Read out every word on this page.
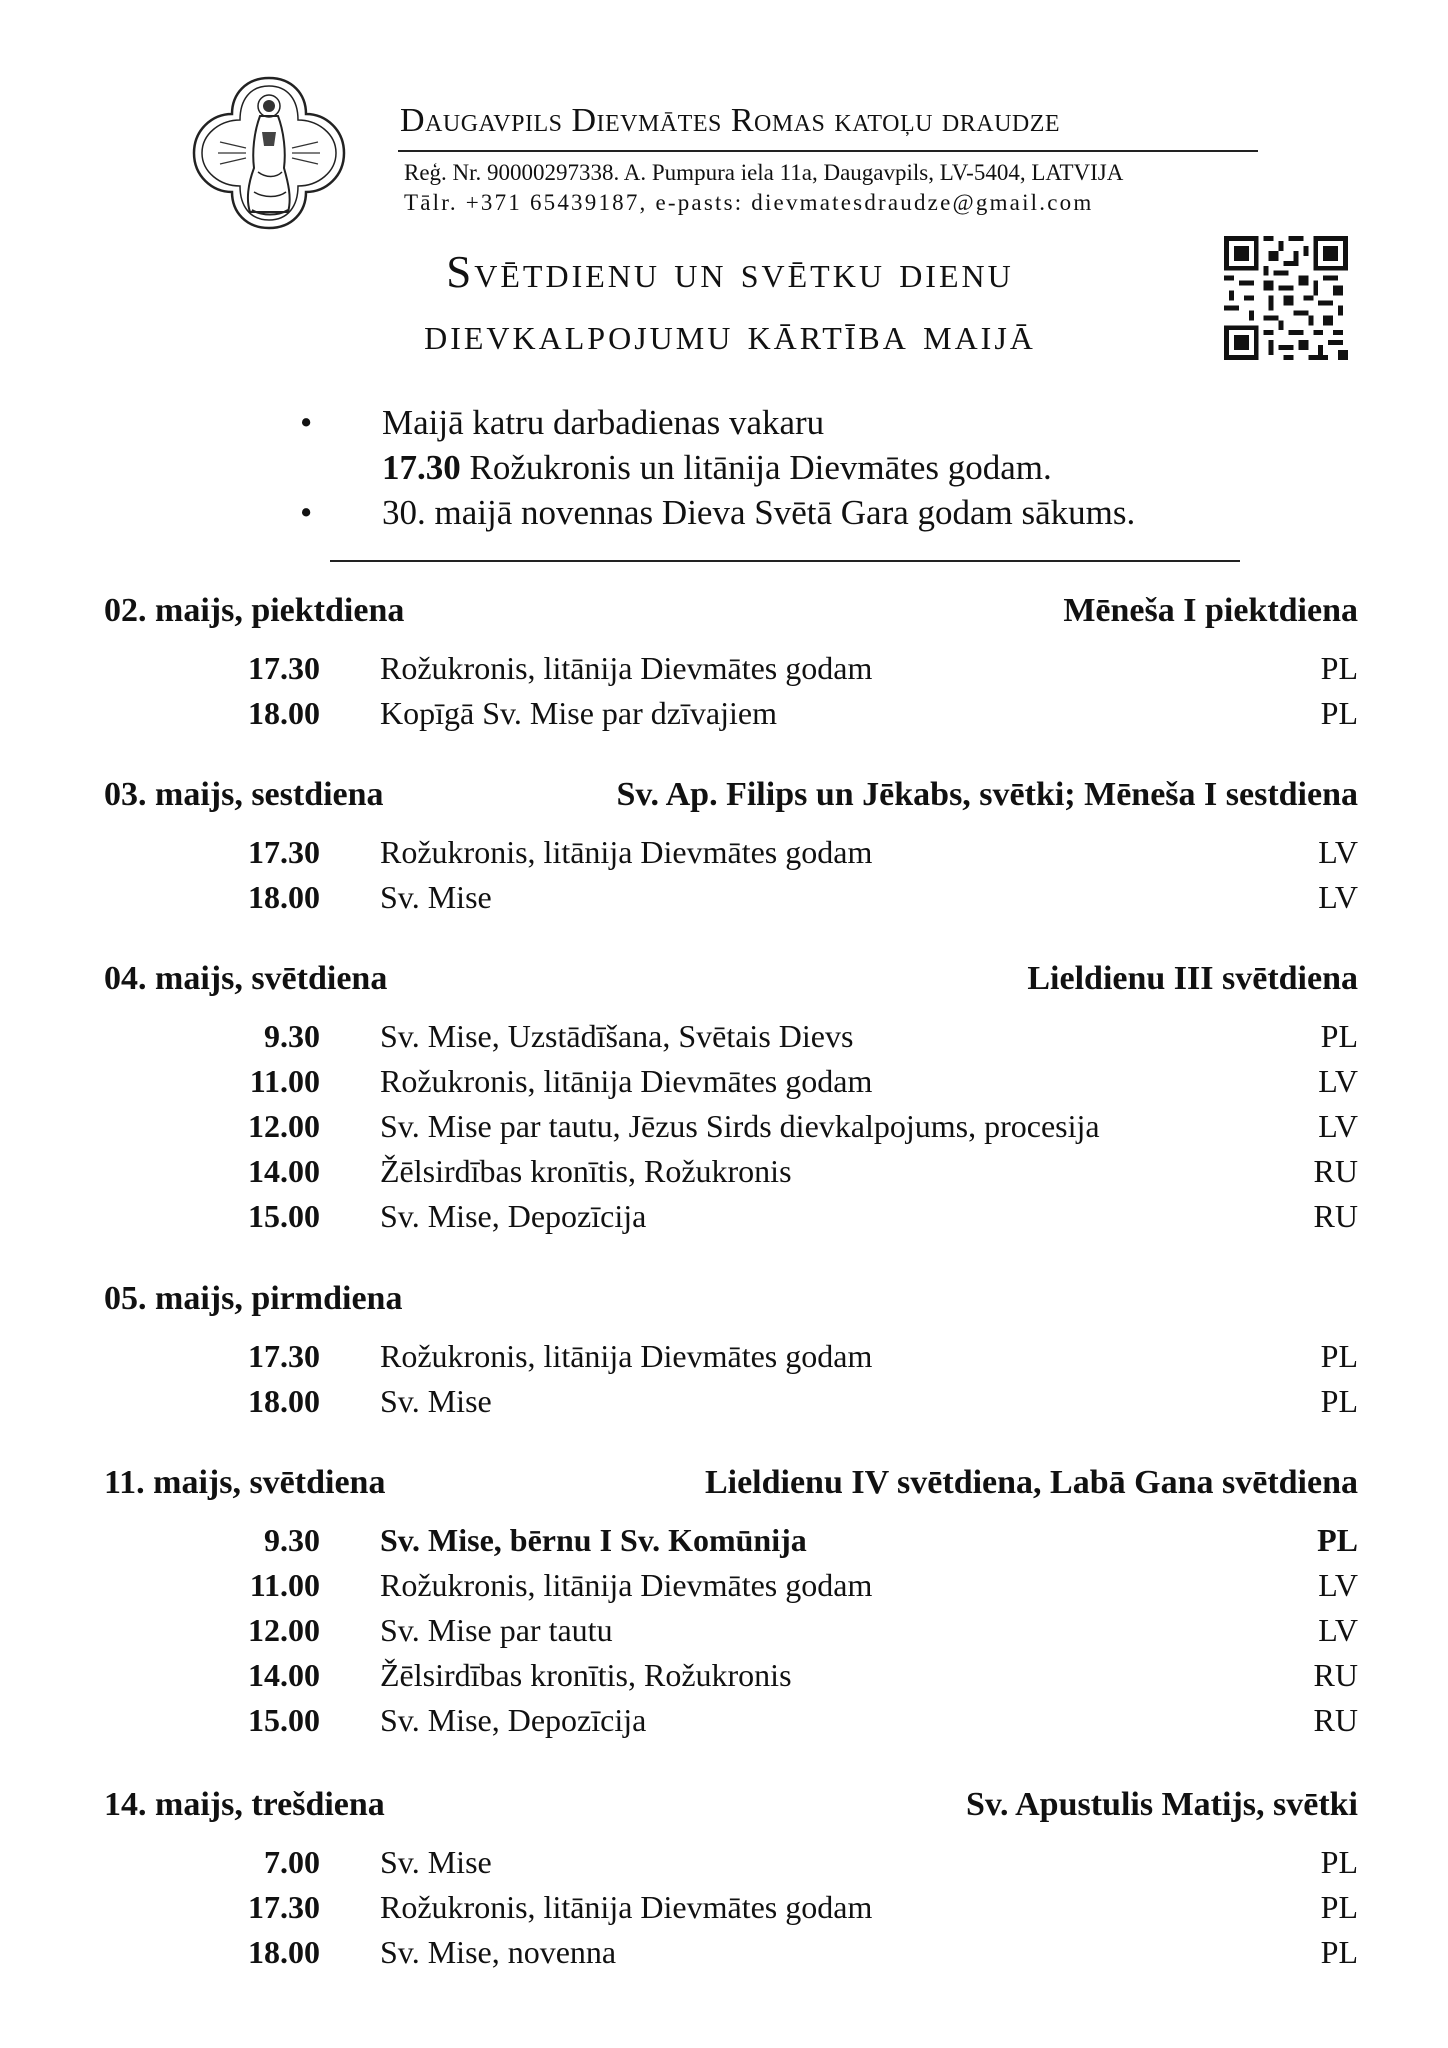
Daugavpils Dievmātes Romas katoļu draudze
Reģ. Nr. 90000297338. A. Pumpura iela 11a, Daugavpils, LV-5404, LATVIJA
Tālr. +371 65439187, e-pasts: dievmatesdraudze@gmail.com
Svētdienu un svētku dienu
dievkalpojumu kārtība maijā
• Maijā katru darbadienas vakaru
17.30 Rožukronis un litānija Dievmātes godam.
• 30. maijā novennas Dieva Svētā Gara godam sākums.
02. maijs, piektdiena	Mēneša I piektdiena
17.30 Rožukronis, litānija Dievmātes godam	PL
18.00 Kopīgā Sv. Mise par dzīvajiem	PL
03. maijs, sestdiena	Sv. Ap. Filips un Jēkabs, svētki; Mēneša I sestdiena
17.30 Rožukronis, litānija Dievmātes godam	LV
18.00 Sv. Mise	LV
04. maijs, svētdiena	Lieldienu III svētdiena
9.30 Sv. Mise, Uzstādīšana, Svētais Dievs	PL
11.00 Rožukronis, litānija Dievmātes godam	LV
12.00 Sv. Mise par tautu, Jēzus Sirds dievkalpojums, procesija	LV
14.00 Žēlsirdības kronītis, Rožukronis	RU
15.00 Sv. Mise, Depozīcija	RU
05. maijs, pirmdiena
17.30 Rožukronis, litānija Dievmātes godam	PL
18.00 Sv. Mise	PL
11. maijs, svētdiena	Lieldienu IV svētdiena, Labā Gana svētdiena
9.30 Sv. Mise, bērnu I Sv. Komūnija	PL
11.00 Rožukronis, litānija Dievmātes godam	LV
12.00 Sv. Mise par tautu	LV
14.00 Žēlsirdības kronītis, Rožukronis	RU
15.00 Sv. Mise, Depozīcija	RU
14. maijs, trešdiena	Sv. Apustulis Matijs, svētki
7.00 Sv. Mise	PL
17.30 Rožukronis, litānija Dievmātes godam	PL
18.00 Sv. Mise, novenna	PL
